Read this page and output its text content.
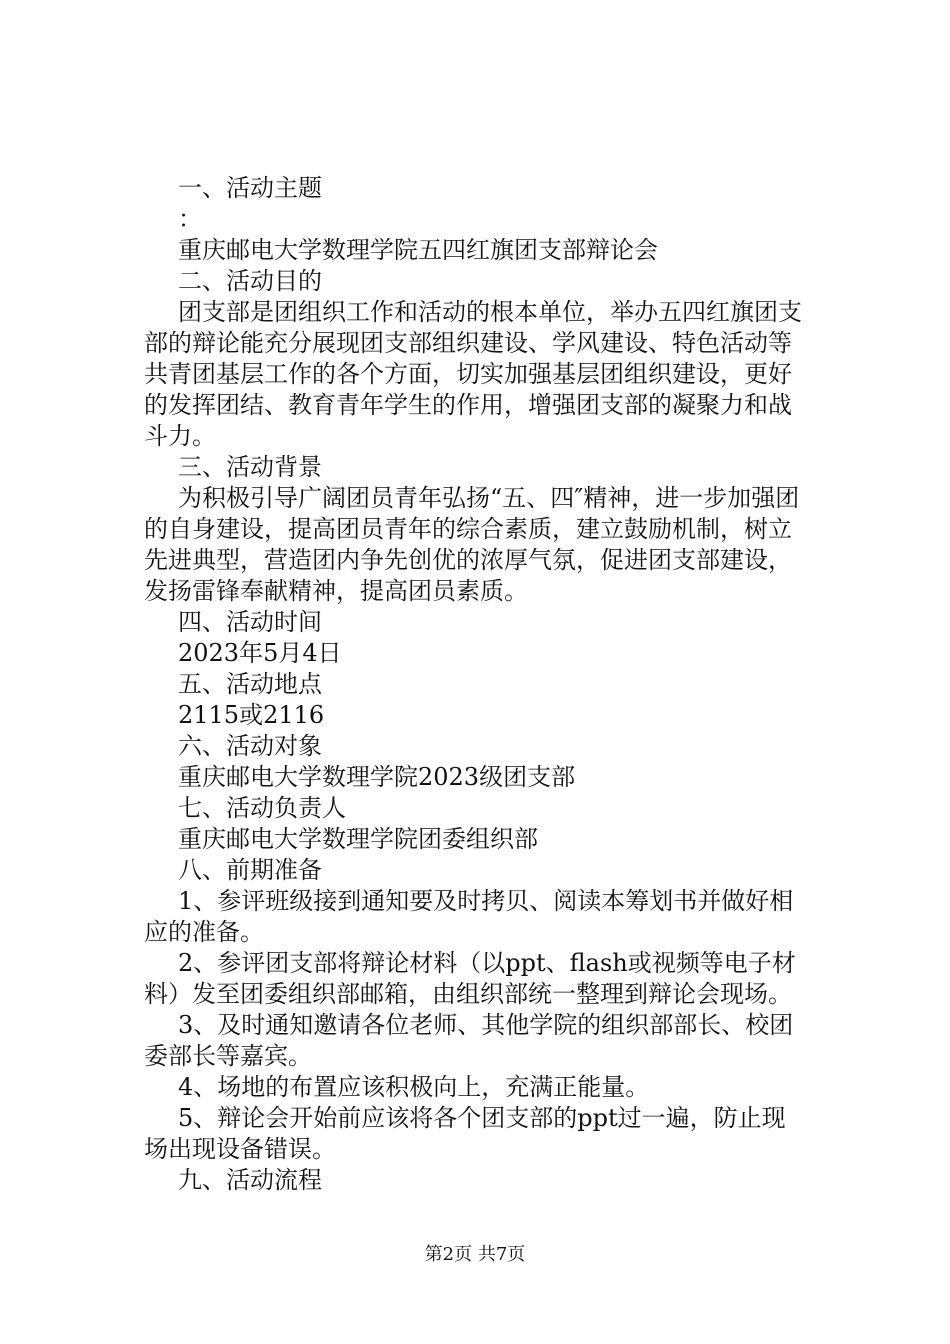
一、活动主题
：
重庆邮电大学数理学院五四红旗团支部辩论会
二、活动目的
团支部是团组织工作和活动的根本单位，举办五四红旗团支部的辩论能充分展现团支部组织建设、学风建设、特色活动等共青团基层工作的各个方面，切实加强基层团组织建设，更好的发挥团结、教育青年学生的作用，增强团支部的凝聚力和战斗力。
三、活动背景
为积极引导广阔团员青年弘扬“五、四″精神，进一步加强团的自身建设，提高团员青年的综合素质，建立鼓励机制，树立先进典型，营造团内争先创优的浓厚气氛，促进团支部建设，发扬雷锋奉献精神，提高团员素质。
四、活动时间
2023年5月4日
五、活动地点
2115或2116
六、活动对象
重庆邮电大学数理学院2023级团支部
七、活动负责人
重庆邮电大学数理学院团委组织部
八、前期准备
1、参评班级接到通知要及时拷贝、阅读本筹划书并做好相应的准备。
2、参评团支部将辩论材料（以ppt、flash或视频等电子材料）发至团委组织部邮箱，由组织部统一整理到辩论会现场。
3、及时通知邀请各位老师、其他学院的组织部部长、校团委部长等嘉宾。
4、场地的布置应该积极向上，充满正能量。
5、辩论会开始前应该将各个团支部的ppt过一遍，防止现场出现设备错误。
九、活动流程
第2页 共7页
